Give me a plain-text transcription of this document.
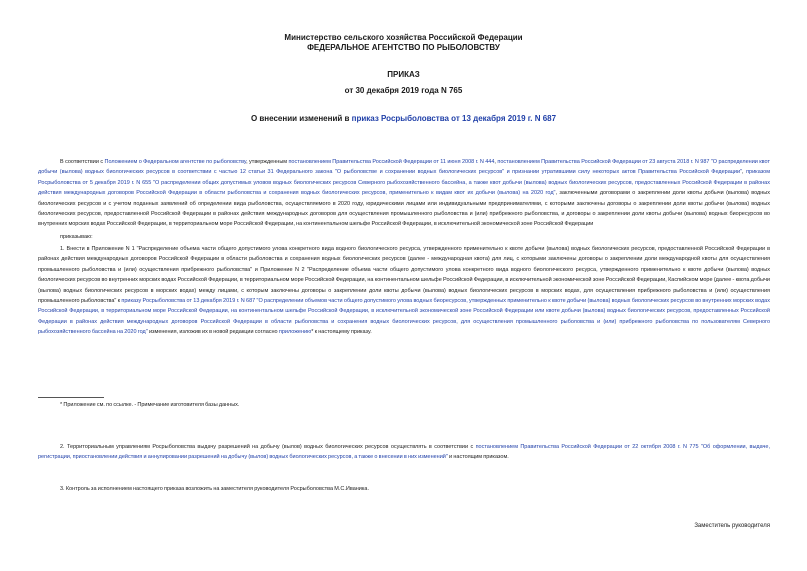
Министерство сельского хозяйства Российской Федерации
ФЕДЕРАЛЬНОЕ АГЕНТСТВО ПО РЫБОЛОВСТВУ
ПРИКАЗ
от 30 декабря 2019 года N 765
О внесении изменений в приказ Росрыболовства от 13 декабря 2019 г. N 687
В соответствии с Положением о Федеральном агентстве по рыболовству, утвержденным постановлением Правительства Российской Федерации от 11 июня 2008 г. N 444, постановлением Правительства Российской Федерации от 23 августа 2018 г. N 987 "О распределении квот добычи (вылова) водных биологических ресурсов в соответствии с частью 12 статьи 31 Федерального закона "О рыболовстве и сохранении водных биологических ресурсов" и признании утратившими силу некоторых актов Правительства Российской Федерации", приказом Росрыболовства от 5 декабря 2019 г. N 655 "О распределении общих допустимых уловов водных биологических ресурсов Северного рыбохозяйственного бассейна, а также квот добычи (вылова) водных биологических ресурсов, предоставленных Российской Федерации в районах действия международных договоров Российской Федерации в области рыболовства и сохранения водных биологических ресурсов, применительно к видам квот их добычи (вылова) на 2020 год", заключенными договорами о закреплении доли квоты добычи (вылова) водных биологических ресурсов и с учетом поданных заявлений об определении вида рыболовства, осуществляемого в 2020 году, юридическими лицами или индивидуальными предпринимателями, с которыми заключены договоры о закреплении доли квоты добычи (вылова) водных биологических ресурсов, предоставленной Российской Федерации в районах действия международных договоров для осуществления промышленного рыболовства и (или) прибрежного рыболовства, и договоры о закреплении доли квоты добычи (вылова) водных биоресурсов во внутренних морских водах Российской Федерации, в территориальном море Российской Федерации, на континентальном шельфе Российской Федерации, в исключительной экономической зоне Российской Федерации
приказываю:
1. Внести в Приложение N 1 "Распределение объема части общего допустимого улова конкретного вида водного биологического ресурса, утвержденного применительно к квоте добычи (вылова) водных биологических ресурсов, предоставленной Российской Федерации в районах действия международных договоров Российской Федерации в области рыболовства и сохранения водных биологических ресурсов (далее - международная квота) для лиц, с которыми заключены договоры о закреплении доли международной квоты для осуществления промышленного рыболовства и (или) осуществления прибрежного рыболовства" и Приложение N 2 "Распределение объема части общего допустимого улова конкретного вида водного биологического ресурса, утвержденного применительно к квоте добычи (вылова) водных биологических ресурсов во внутренних морских водах Российской Федерации, в территориальном море Российской Федерации, на континентальном шельфе Российской Федерации, в исключительной экономической зоне Российской Федерации, Каспийском море (далее - квота добычи (вылова) водных биологических ресурсов в морских водах) между лицами, с которым заключены договоры о закреплении доли квоты добычи (вылова) водных биологических ресурсов в морских водах, для осуществления прибрежного рыболовства и (или) осуществления промышленного рыболовства" к приказу Росрыболовства от 13 декабря 2019 г. N 687 "О распределении объемов части общего допустимого улова водных биоресурсов, утвержденных применительно к квоте добычи (вылова) водных биологических ресурсов во внутренних морских водах Российской Федерации, в территориальном море Российской Федерации, на континентальном шельфе Российской Федерации, в исключительной экономической зоне Российской Федерации или квоте добычи (вылова) водных биологических ресурсов, предоставленных Российской Федерации в районах действия международных договоров Российской Федерации в области рыболовства и сохранения водных биологических ресурсов, для осуществления промышленного рыболовства и (или) прибрежного рыболовства по пользователям Северного рыбохозяйственного бассейна на 2020 год" изменения, изложив их в новой редакции согласно приложению* к настоящему приказу.
* Приложение см. по ссылке. - Примечание изготовителя базы данных.
2. Территориальным управлениям Росрыболовства выдачу разрешений на добычу (вылов) водных биологических ресурсов осуществлять в соответствии с постановлением Правительства Российской Федерации от 22 октября 2008 г. N 775 "Об оформлении, выдаче, регистрации, приостановлении действия и аннулировании разрешений на добычу (вылов) водных биологических ресурсов, а также о внесении в них изменений" и настоящим приказом.
3. Контроль за исполнением настоящего приказа возложить на заместителя руководителя Росрыболовства М.С.Иваника.
Заместитель руководителя
